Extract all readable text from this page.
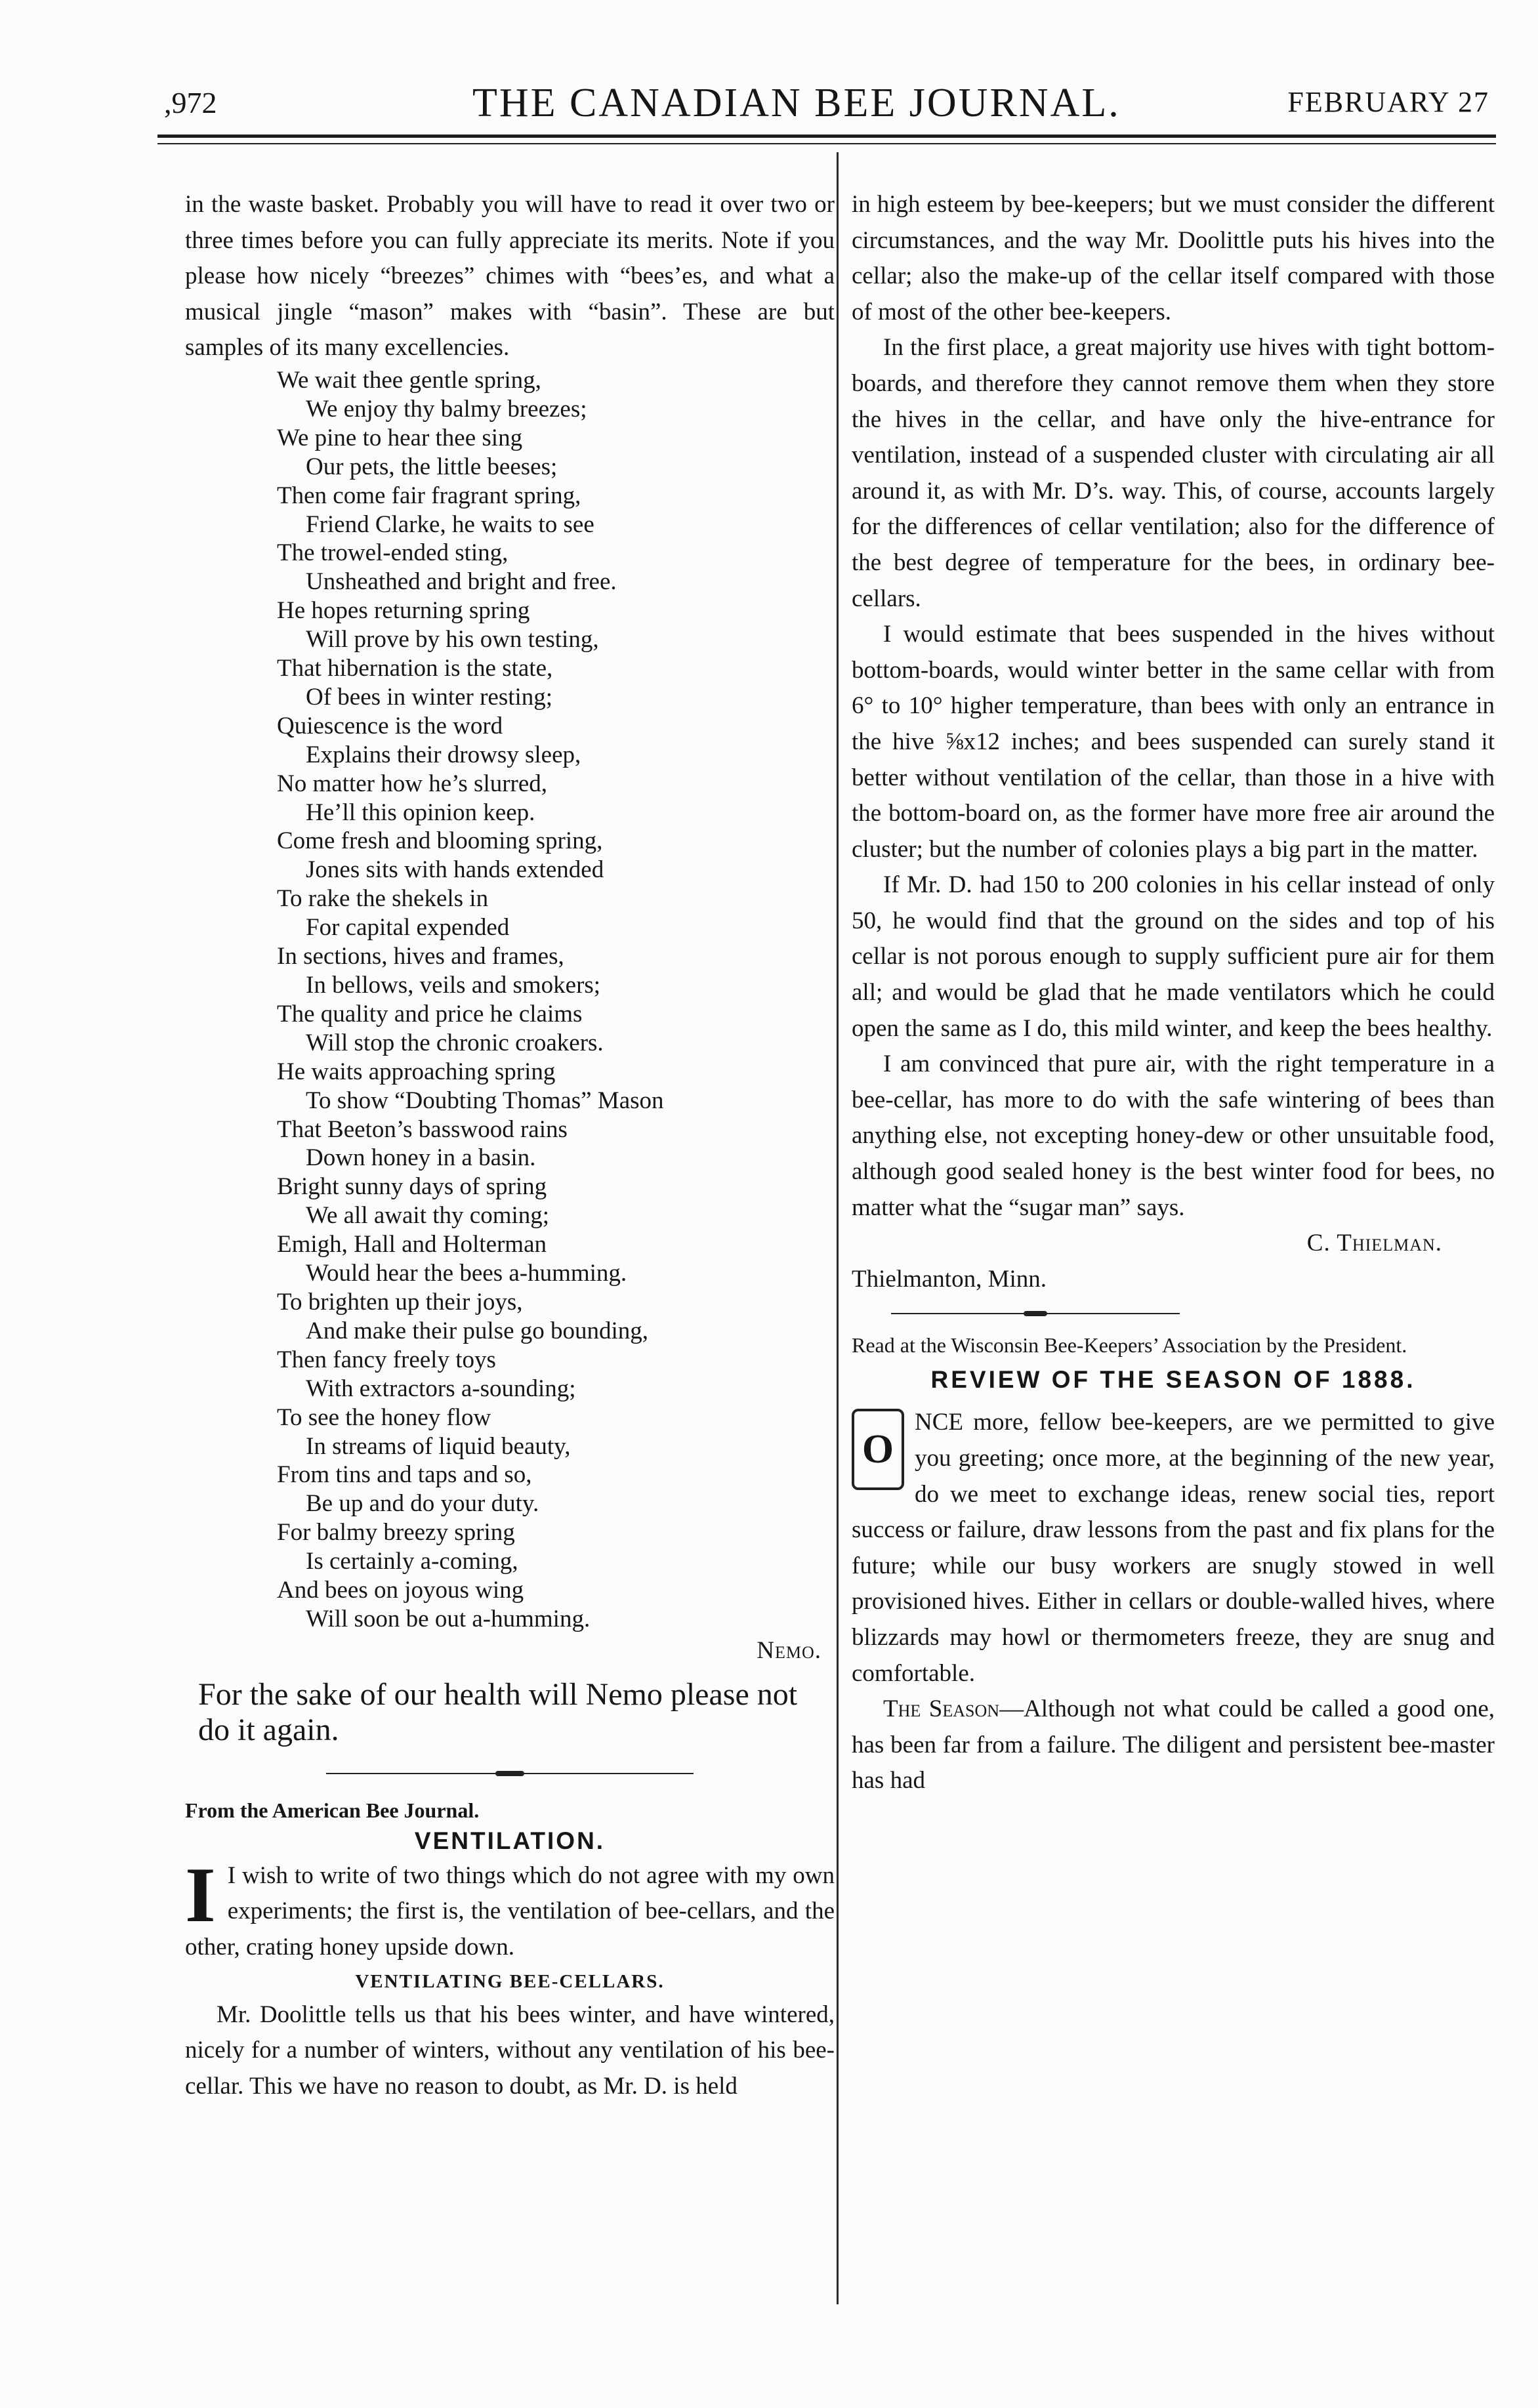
,972	THE CANADIAN BEE JOURNAL.	FEBRUARY 27

in the waste basket. Probably you will have to read it over two or three times before you can fully appreciate its merits. Note if you please how nicely “breezes” chimes with “bees’es, and what a musical jingle “mason” makes with “basin”. These are but samples of its many excellencies.

We wait thee gentle spring,
We enjoy thy balmy breezes;
We pine to hear thee sing
Our pets, the little beeses;
Then come fair fragrant spring,
Friend Clarke, he waits to see
The trowel-ended sting,
Unsheathed and bright and free.
He hopes returning spring
Will prove by his own testing,
That hibernation is the state,
Of bees in winter resting;
Quiescence is the word
Explains their drowsy sleep,
No matter how he’s slurred,
He’ll this opinion keep.
Come fresh and blooming spring,
Jones sits with hands extended
To rake the shekels in
For capital expended
In sections, hives and frames,
In bellows, veils and smokers;
The quality and price he claims
Will stop the chronic croakers.
He waits approaching spring
To show “Doubting Thomas” Mason
That Beeton’s basswood rains
Down honey in a basin.
Bright sunny days of spring
We all await thy coming;
Emigh, Hall and Holterman
Would hear the bees a-humming.
To brighten up their joys,
And make their pulse go bounding,
Then fancy freely toys
With extractors a-sounding;
To see the honey flow
In streams of liquid beauty,
From tins and taps and so,
Be up and do your duty.
For balmy breezy spring
Is certainly a-coming,
And bees on joyous wing
Will soon be out a-humming.

Nemo.

For the sake of our health will Nemo please not do it again.

From the American Bee Journal.

VENTILATION.

I I wish to write of two things which do not agree with my own experiments; the first is, the ventilation of bee-cellars, and the other, crating honey upside down.

VENTILATING BEE-CELLARS.

Mr. Doolittle tells us that his bees winter, and have wintered, nicely for a number of winters, without any ventilation of his bee-cellar. This we have no reason to doubt, as Mr. D. is held

in high esteem by bee-keepers; but we must consider the different circumstances, and the way Mr. Doolittle puts his hives into the cellar; also the make-up of the cellar itself compared with those of most of the other bee-keepers.

In the first place, a great majority use hives with tight bottom-boards, and therefore they cannot remove them when they store the hives in the cellar, and have only the hive-entrance for ventilation, instead of a suspended cluster with circulating air all around it, as with Mr. D’s. way. This, of course, accounts largely for the differences of cellar ventilation; also for the difference of the best degree of temperature for the bees, in ordinary bee-cellars.

I would estimate that bees suspended in the hives without bottom-boards, would winter better in the same cellar with from 6° to 10° higher temperature, than bees with only an entrance in the hive ⅝x12 inches; and bees suspended can surely stand it better without ventilation of the cellar, than those in a hive with the bottom-board on, as the former have more free air around the cluster; but the number of colonies plays a big part in the matter.

If Mr. D. had 150 to 200 colonies in his cellar instead of only 50, he would find that the ground on the sides and top of his cellar is not porous enough to supply sufficient pure air for them all; and would be glad that he made ventilators which he could open the same as I do, this mild winter, and keep the bees healthy.

I am convinced that pure air, with the right temperature in a bee-cellar, has more to do with the safe wintering of bees than anything else, not excepting honey-dew or other unsuitable food, although good sealed honey is the best winter food for bees, no matter what the “sugar man” says.

C. Thielman.

Thielmanton, Minn.

Read at the Wisconsin Bee-Keepers’ Association by the President.

REVIEW OF THE SEASON OF 1888.

O
NCE more, fellow bee-keepers, are we permitted to give you greeting; once more, at the beginning of the new year, do we meet to exchange ideas, renew social ties, report success or failure, draw lessons from the past and fix plans for the future; while our busy workers are snugly stowed in well provisioned hives. Either in cellars or double-walled hives, where blizzards may howl or thermometers freeze, they are snug and comfortable.

The Season—Although not what could be called a good one, has been far from a failure. The diligent and persistent bee-master has had
